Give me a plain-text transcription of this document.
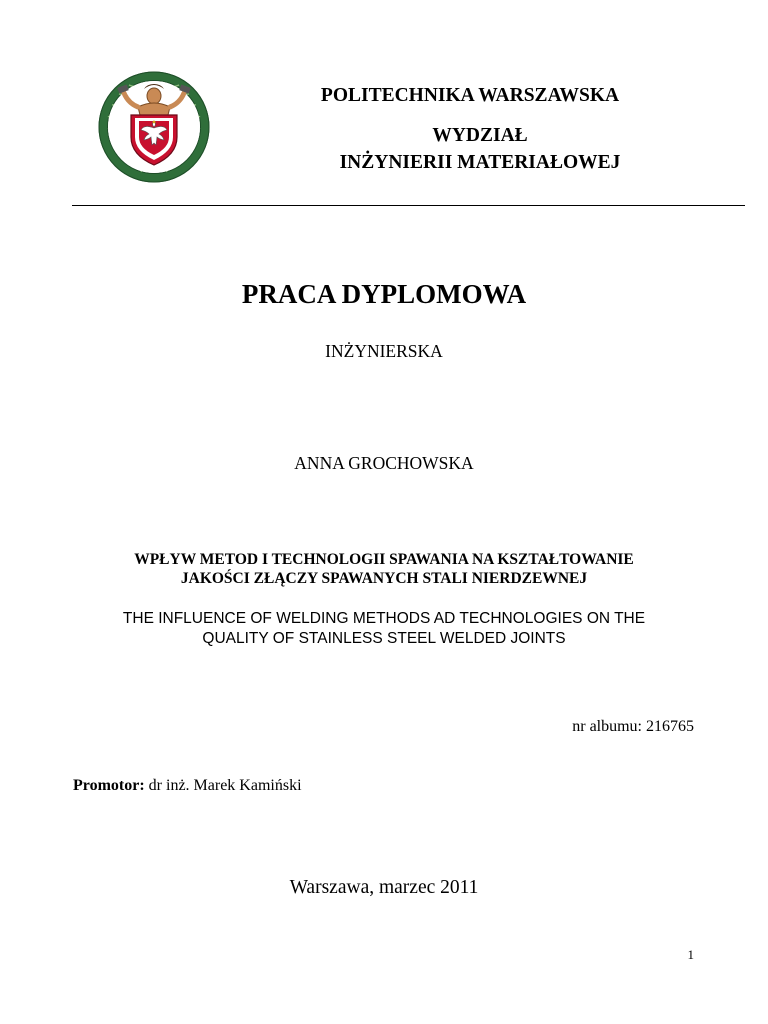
POLITECHNIKA WARSZAWSKA
WYDZIAŁ
INŻYNIERII MATERIAŁOWEJ
PRACA DYPLOMOWA
INŻYNIERSKA
ANNA GROCHOWSKA
WPŁYW METOD I TECHNOLOGII SPAWANIA NA KSZTAŁTOWANIE
JAKOŚCI ZŁĄCZY SPAWANYCH STALI NIERDZEWNEJ
THE INFLUENCE OF WELDING METHODS AD TECHNOLOGIES ON THE
QUALITY OF STAINLESS STEEL WELDED JOINTS
nr albumu: 216765
Promotor: dr inż. Marek Kamiński
Warszawa, marzec 2011
1
